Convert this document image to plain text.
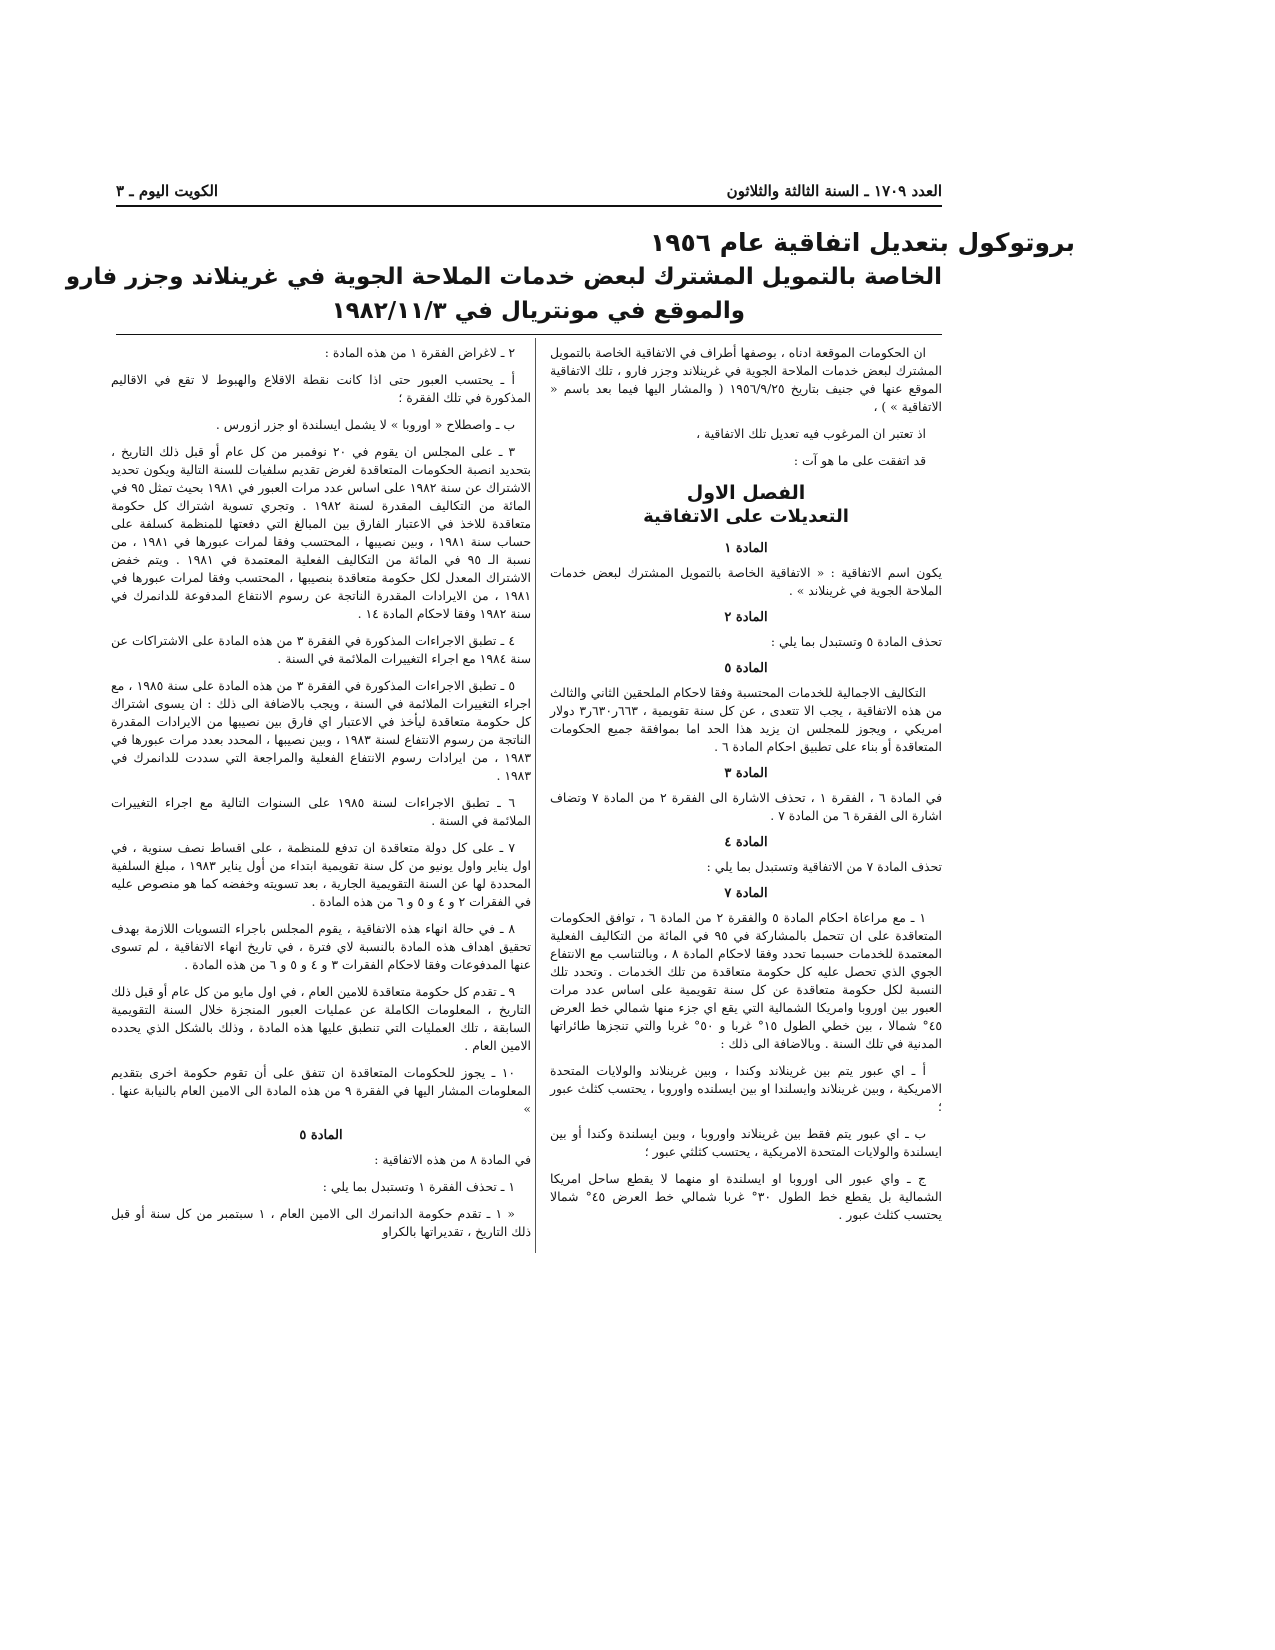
العدد ١٧٠٩ ـ السنة الثالثة والثلاثون
الكويت اليوم ـ ٣
بروتوكول بتعديل اتفاقية عام ١٩٥٦
الخاصة بالتمويل المشترك لبعض خدمات الملاحة الجوية في غرينلاند وجزر فارو
والموقع في مونتريال في ١٩٨٢/١١/٣

ان الحكومات الموقعة ادناه ، بوصفها أطراف في الاتفاقية الخاصة بالتمويل المشترك لبعض خدمات الملاحة الجوية في غرينلاند وجزر فارو ، تلك الاتفاقية الموقع عنها في جنيف بتاريخ ١٩٥٦/٩/٢٥ ( والمشار اليها فيما بعد باسم « الاتفاقية » ) ،

اذ تعتبر ان المرغوب فيه تعديل تلك الاتفاقية ،

قد اتفقت على ما هو آت :

الفصل الاول

التعديلات على الاتفاقية

المادة ١

يكون اسم الاتفاقية : « الاتفاقية الخاصة بالتمويل المشترك لبعض خدمات الملاحة الجوية في غرينلاند » .

المادة ٢

تحذف المادة ٥ وتستبدل بما يلي :

المادة ٥

التكاليف الاجمالية للخدمات المحتسبة وفقا لاحكام الملحقين الثاني والثالث من هذه الاتفاقية ، يجب الا تتعدى ، عن كل سنة تقويمية ، ٦٦٣ر٦٣٠ر٣ دولار امريكي ، ويجوز للمجلس ان يزيد هذا الحد اما بموافقة جميع الحكومات المتعاقدة أو بناء على تطبيق احكام المادة ٦ .

المادة ٣

في المادة ٦ ، الفقرة ١ ، تحذف الاشارة الى الفقرة ٢ من المادة ٧ وتضاف اشارة الى الفقرة ٦ من المادة ٧ .

المادة ٤

تحذف المادة ٧ من الاتفاقية وتستبدل بما يلي :

المادة ٧

١ ـ مع مراعاة احكام المادة ٥ والفقرة ٢ من المادة ٦ ، توافق الحكومات المتعاقدة على ان تتحمل بالمشاركة في ٩٥ في المائة من التكاليف الفعلية المعتمدة للخدمات حسبما تحدد وفقا لاحكام المادة ٨ ، وبالتناسب مع الانتفاع الجوي الذي تحصل عليه كل حكومة متعاقدة من تلك الخدمات . وتحدد تلك النسبة لكل حكومة متعاقدة عن كل سنة تقويمية على اساس عدد مرات العبور بين اوروبا وامريكا الشمالية التي يقع اي جزء منها شمالي خط العرض ٤٥° شمالا ، بين خطي الطول ١٥° غربا و ٥٠° غربا والتي تنجزها طائراتها المدنية في تلك السنة . وبالاضافة الى ذلك :

أ ـ اي عبور يتم بين غرينلاند وكندا ، وبين غرينلاند والولايات المتحدة الامريكية ، وبين غرينلاند وايسلندا او بين ايسلنده واوروبا ، يحتسب كثلث عبور ؛

ب ـ اي عبور يتم فقط بين غرينلاند واوروبا ، وبين ايسلندة وكندا أو بين ايسلندة والولايات المتحدة الامريكية ، يحتسب كثلثي عبور ؛

ج ـ واي عبور الى اوروبا او ايسلندة او منهما لا يقطع ساحل امريكا الشمالية بل يقطع خط الطول ٣٠° غربا شمالي خط العرض ٤٥° شمالا يحتسب كثلث عبور .

٢ ـ لاغراض الفقرة ١ من هذه المادة :

أ ـ يحتسب العبور حتى اذا كانت نقطة الاقلاع والهبوط لا تقع في الاقاليم المذكورة في تلك الفقرة ؛

ب ـ واصطلاح « اوروبا » لا يشمل ايسلندة او جزر ازورس .

٣ ـ على المجلس ان يقوم في ٢٠ نوفمبر من كل عام أو قبل ذلك التاريخ ، بتحديد انصبة الحكومات المتعاقدة لغرض تقديم سلفيات للسنة التالية ويكون تحديد الاشتراك عن سنة ١٩٨٢ على اساس عدد مرات العبور في ١٩٨١ بحيث تمثل ٩٥ في المائة من التكاليف المقدرة لسنة ١٩٨٢ . وتجري تسوية اشتراك كل حكومة متعاقدة للاخذ في الاعتبار الفارق بين المبالغ التي دفعتها للمنظمة كسلفة على حساب سنة ١٩٨١ ، وبين نصيبها ، المحتسب وفقا لمرات عبورها في ١٩٨١ ، من نسبة الـ ٩٥ في المائة من التكاليف الفعلية المعتمدة في ١٩٨١ . ويتم خفض الاشتراك المعدل لكل حكومة متعاقدة بنصيبها ، المحتسب وفقا لمرات عبورها في ١٩٨١ ، من الايرادات المقدرة الناتجة عن رسوم الانتفاع المدفوعة للدانمرك في سنة ١٩٨٢ وفقا لاحكام المادة ١٤ .

٤ ـ تطبق الاجراءات المذكورة في الفقرة ٣ من هذه المادة على الاشتراكات عن سنة ١٩٨٤ مع اجراء التغييرات الملائمة في السنة .

٥ ـ تطبق الاجراءات المذكورة في الفقرة ٣ من هذه المادة على سنة ١٩٨٥ ، مع اجراء التغييرات الملائمة في السنة ، ويجب بالاضافة الى ذلك : ان يسوى اشتراك كل حكومة متعاقدة ليأخذ في الاعتبار اي فارق بين نصيبها من الايرادات المقدرة الناتجة من رسوم الانتفاع لسنة ١٩٨٣ ، وبين نصيبها ، المحدد بعدد مرات عبورها في ١٩٨٣ ، من ايرادات رسوم الانتفاع الفعلية والمراجعة التي سددت للدانمرك في ١٩٨٣ .

٦ ـ تطبق الاجراءات لسنة ١٩٨٥ على السنوات التالية مع اجراء التغييرات الملائمة في السنة .

٧ ـ على كل دولة متعاقدة ان تدفع للمنظمة ، على اقساط نصف سنوية ، في اول يناير واول يونيو من كل سنة تقويمية ابتداء من أول يناير ١٩٨٣ ، مبلغ السلفية المحددة لها عن السنة التقويمية الجارية ، بعد تسويته وخفضه كما هو منصوص عليه في الفقرات ٢ و ٤ و ٥ و ٦ من هذه المادة .

٨ ـ في حالة انهاء هذه الاتفاقية ، يقوم المجلس باجراء التسويات اللازمة بهدف تحقيق اهداف هذه المادة بالنسبة لاي فترة ، في تاريخ انهاء الاتفاقية ، لم تسوى عنها المدفوعات وفقا لاحكام الفقرات ٣ و ٤ و ٥ و ٦ من هذه المادة .

٩ ـ تقدم كل حكومة متعاقدة للامين العام ، في اول مايو من كل عام أو قبل ذلك التاريخ ، المعلومات الكاملة عن عمليات العبور المنجزة خلال السنة التقويمية السابقة ، تلك العمليات التي تنطبق عليها هذه المادة ، وذلك بالشكل الذي يحدده الامين العام .

١٠ ـ يجوز للحكومات المتعاقدة ان تتفق على أن تقوم حكومة اخرى بتقديم المعلومات المشار اليها في الفقرة ٩ من هذه المادة الى الامين العام بالنيابة عنها . »

المادة ٥

في المادة ٨ من هذه الاتفاقية :

١ ـ تحذف الفقرة ١ وتستبدل بما يلي :

« ١ ـ تقدم حكومة الدانمرك الى الامين العام ، ١ سبتمبر من كل سنة أو قبل ذلك التاريخ ، تقديراتها بالكراو
